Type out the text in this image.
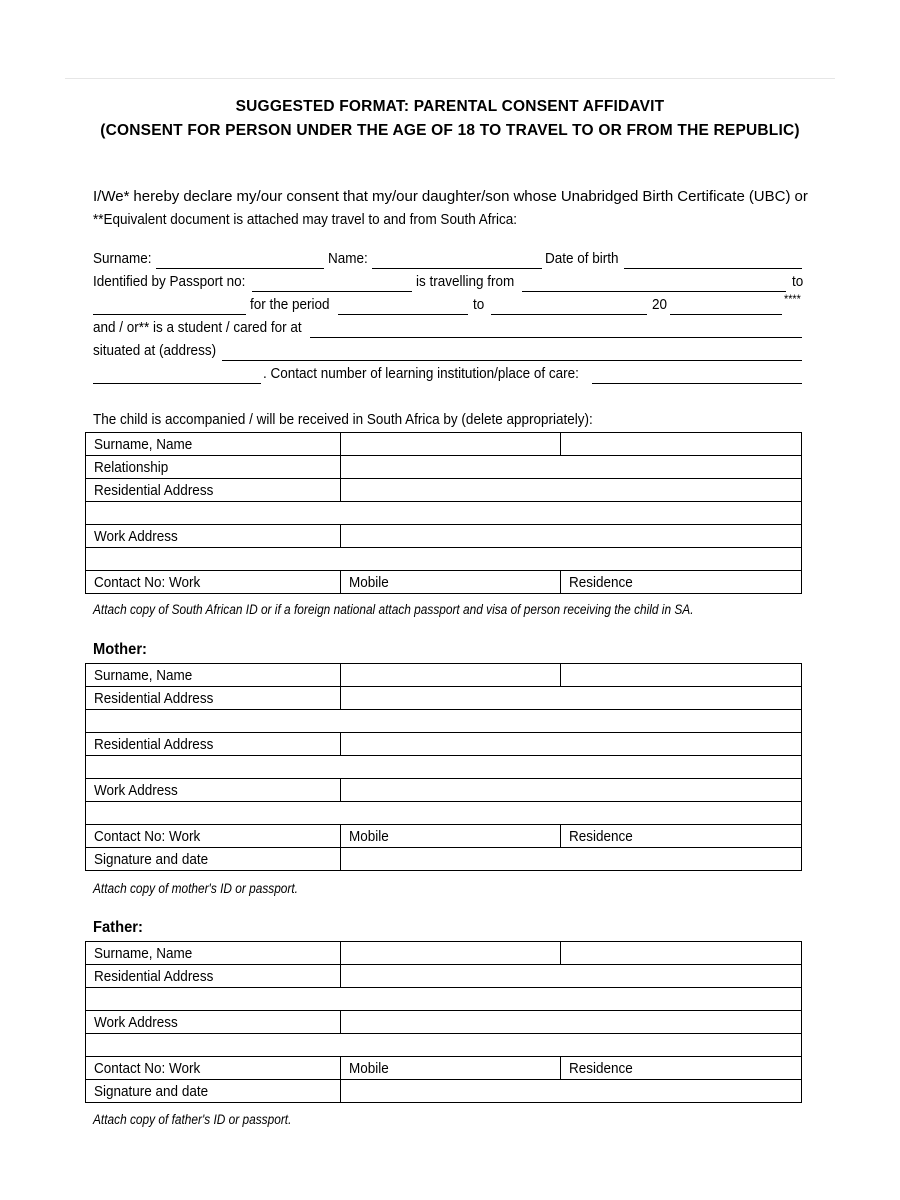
SUGGESTED FORMAT: PARENTAL CONSENT AFFIDAVIT
(CONSENT FOR PERSON UNDER THE AGE OF 18 TO TRAVEL TO OR FROM THE REPUBLIC)
I/We* hereby declare my/our consent that my/our daughter/son whose Unabridged Birth Certificate (UBC) or
**Equivalent document is attached may travel to and from South Africa:
Surname:	Name:	Date of birth
Identified by Passport no:	is travelling from	to
for the period	to	20	****
and / or** is a student / cared for at
situated at (address)
. Contact number of learning institution/place of care:
The child is accompanied / will be received in South Africa by (delete appropriately):
Surname, Name		
Relationship		
Residential Address		

Work Address		

Contact No: Work	Mobile	Residence
Attach copy of South African ID or if a foreign national attach passport and visa of person receiving the child in SA.
Mother:
Surname, Name		
Residential Address		

Residential Address		

Work Address		

Contact No: Work	Mobile	Residence
Signature and date		
Attach copy of mother's ID or passport.
Father:
Surname, Name		
Residential Address		

Work Address		

Contact No: Work	Mobile	Residence
Signature and date		
Attach copy of father's ID or passport.
